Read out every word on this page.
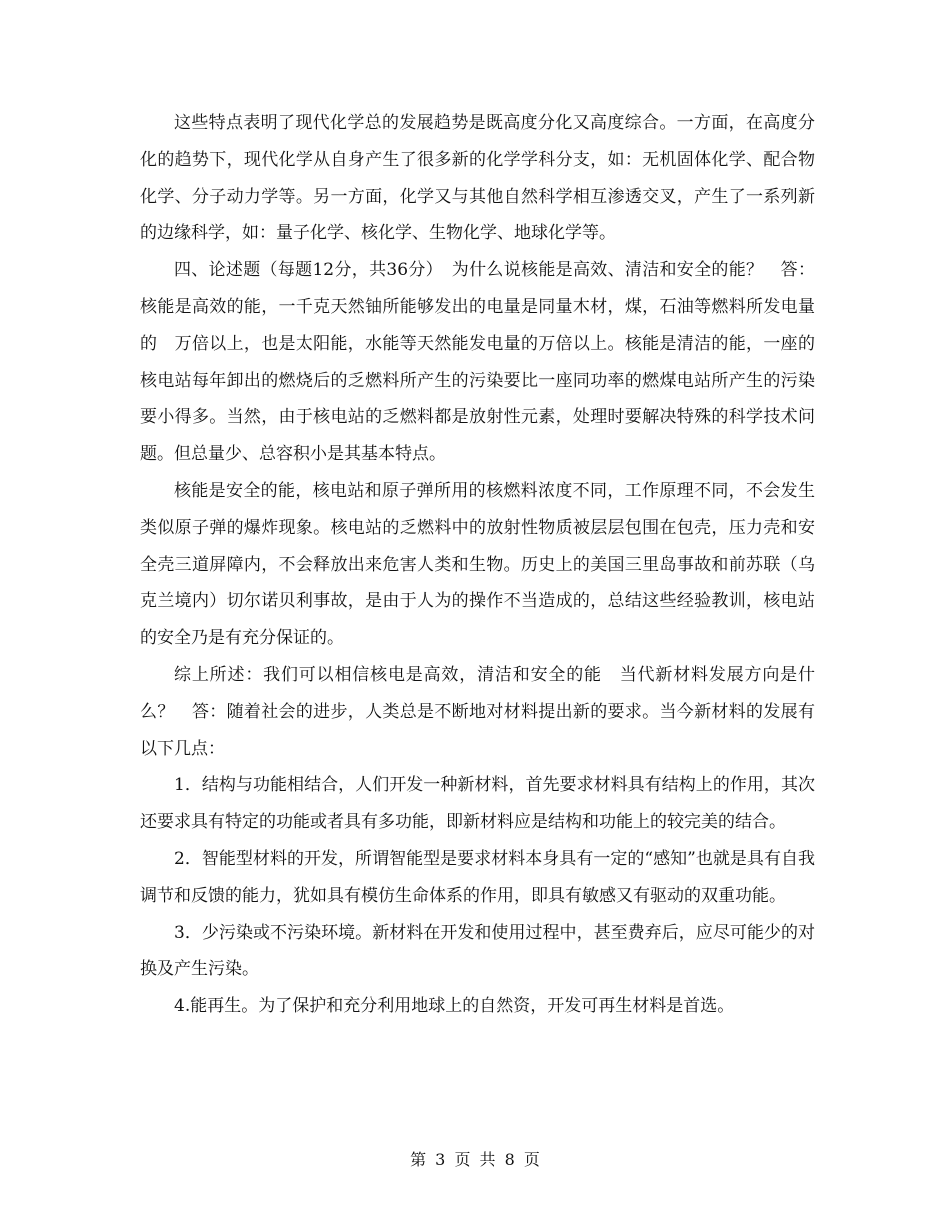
这些特点表明了现代化学总的发展趋势是既高度分化又高度综合。一方面，在高度分化的趋势下，现代化学从自身产生了很多新的化学学科分支，如：无机固体化学、配合物化学、分子动力学等。另一方面，化学又与其他自然科学相互渗透交叉，产生了一系列新的边缘科学，如：量子化学、核化学、生物化学、地球化学等。

四、论述题（每题12分，共36分）　为什么说核能是高效、清洁和安全的能？　答：核能是高效的能，一千克天然铀所能够发出的电量是同量木材，煤，石油等燃料所发电量的　万倍以上，也是太阳能，水能等天然能发电量的万倍以上。核能是清洁的能，一座的核电站每年卸出的燃烧后的乏燃料所产生的污染要比一座同功率的燃煤电站所产生的污染要小得多。当然，由于核电站的乏燃料都是放射性元素，处理时要解决特殊的科学技术问题。但总量少、总容积小是其基本特点。

核能是安全的能，核电站和原子弹所用的核燃料浓度不同，工作原理不同，不会发生类似原子弹的爆炸现象。核电站的乏燃料中的放射性物质被层层包围在包壳，压力壳和安全壳三道屏障内，不会释放出来危害人类和生物。历史上的美国三里岛事故和前苏联（乌克兰境内）切尔诺贝利事故，是由于人为的操作不当造成的，总结这些经验教训，核电站的安全乃是有充分保证的。

综上所述：我们可以相信核电是高效，清洁和安全的能　当代新材料发展方向是什么？　答：随着社会的进步，人类总是不断地对材料提出新的要求。当今新材料的发展有以下几点：

1．结构与功能相结合，人们开发一种新材料，首先要求材料具有结构上的作用，其次还要求具有特定的功能或者具有多功能，即新材料应是结构和功能上的较完美的结合。

2．智能型材料的开发，所谓智能型是要求材料本身具有一定的“感知”也就是具有自我调节和反馈的能力，犹如具有模仿生命体系的作用，即具有敏感又有驱动的双重功能。

3．少污染或不污染环境。新材料在开发和使用过程中，甚至费弃后，应尽可能少的对换及产生污染。

4.能再生。为了保护和充分利用地球上的自然资，开发可再生材料是首选。

第 3 页 共 8 页
